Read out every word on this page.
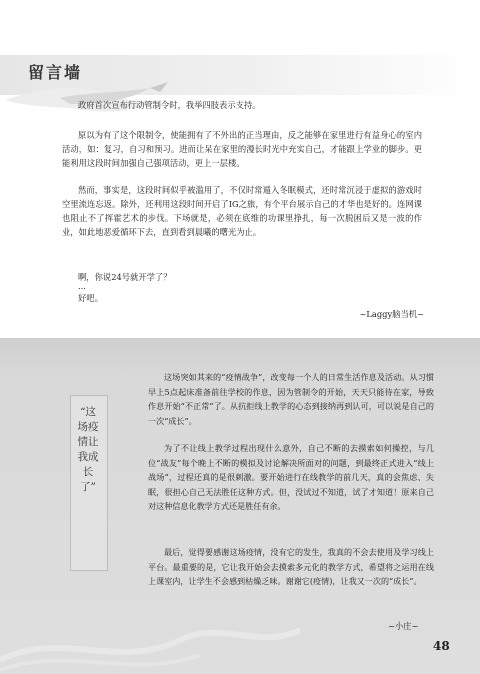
留言墙

政府首次宣布行动管制令时，我举四肢表示支持。

原以为有了这个限制令，使能拥有了不外出的正当理由，反之能够在家里进行有益身心的室内活动，如：复习，自习和预习。进而让呆在家里的漫长时光中充实自己，才能跟上学业的脚步。更能利用这段时间加强自己强项活动，更上一层楼。

然而，事实是，这段时间似乎被滥用了，不仅时常遁入冬眠模式，还时常沉浸于虚拟的游戏时空里流连忘返。除外，还利用这段时间开启了IG之旅，有个平台展示自己的才华也是好的。连网课也阻止不了挥霍艺术的步伐。下场就是，必须在底维的功课里挣扎，每一次脱困后又是一波的作业，如此地恶爱循环下去，直到看到晨曦的曙光为止。

啊，你说24号就开学了？

...

好吧。

~Laggy脑当机~
“这场疫情让我成长了”

这场突如其来的“疫情战争”，改变每一个人的日常生活作息及活动。从习惯早上5点起床准备前往学校的作息，因为管制令的开始，天天只能待在家，导致作息开始“不正常”了。从抗拒线上教学的心态到接纳再到认可，可以说是自己的一次“成长”。

为了不让线上教学过程出现什么意外，自己不断的去摸索如何操控，与几位“战友”每个晚上不断的模拟及讨论解决所面对的问题，到最终正式进入“线上战场”，过程还真的是很刺激。要开始进行在线教学的前几天，真的会焦虑、失眠，很担心自己无法胜任这种方式。但，没试过不知道，试了才知道！原来自己对这种信息化教学方式还是胜任有余。

最后，觉得要感谢这场疫情，没有它的发生，我真的不会去使用及学习线上平台。最重要的是，它让我开始会去摸索多元化的教学方式，希望将之运用在线上课室内，让学生不会感到枯燥乏味。谢谢它(疫情)，让我又一次的“成长”。

~小庄~
48
